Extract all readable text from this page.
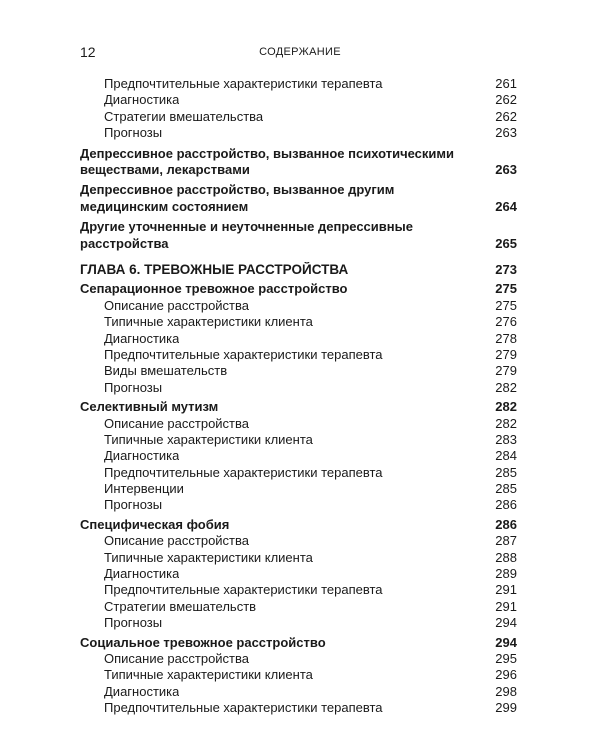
12	СОДЕРЖАНИЕ
Предпочтительные характеристики терапевта	261
Диагностика	262
Стратегии вмешательства	262
Прогнозы	263
Депрессивное расстройство, вызванное психотическими веществами, лекарствами	263
Депрессивное расстройство, вызванное другим медицинским состоянием	264
Другие уточненные и неуточненные депрессивные расстройства	265
ГЛАВА 6. ТРЕВОЖНЫЕ РАССТРОЙСТВА	273
Сепарационное тревожное расстройство	275
Описание расстройства	275
Типичные характеристики клиента	276
Диагностика	278
Предпочтительные характеристики терапевта	279
Виды вмешательств	279
Прогнозы	282
Селективный мутизм	282
Описание расстройства	282
Типичные характеристики клиента	283
Диагностика	284
Предпочтительные характеристики терапевта	285
Интервенции	285
Прогнозы	286
Специфическая фобия	286
Описание расстройства	287
Типичные характеристики клиента	288
Диагностика	289
Предпочтительные характеристики терапевта	291
Стратегии вмешательств	291
Прогнозы	294
Социальное тревожное расстройство	294
Описание расстройства	295
Типичные характеристики клиента	296
Диагностика	298
Предпочтительные характеристики терапевта	299
